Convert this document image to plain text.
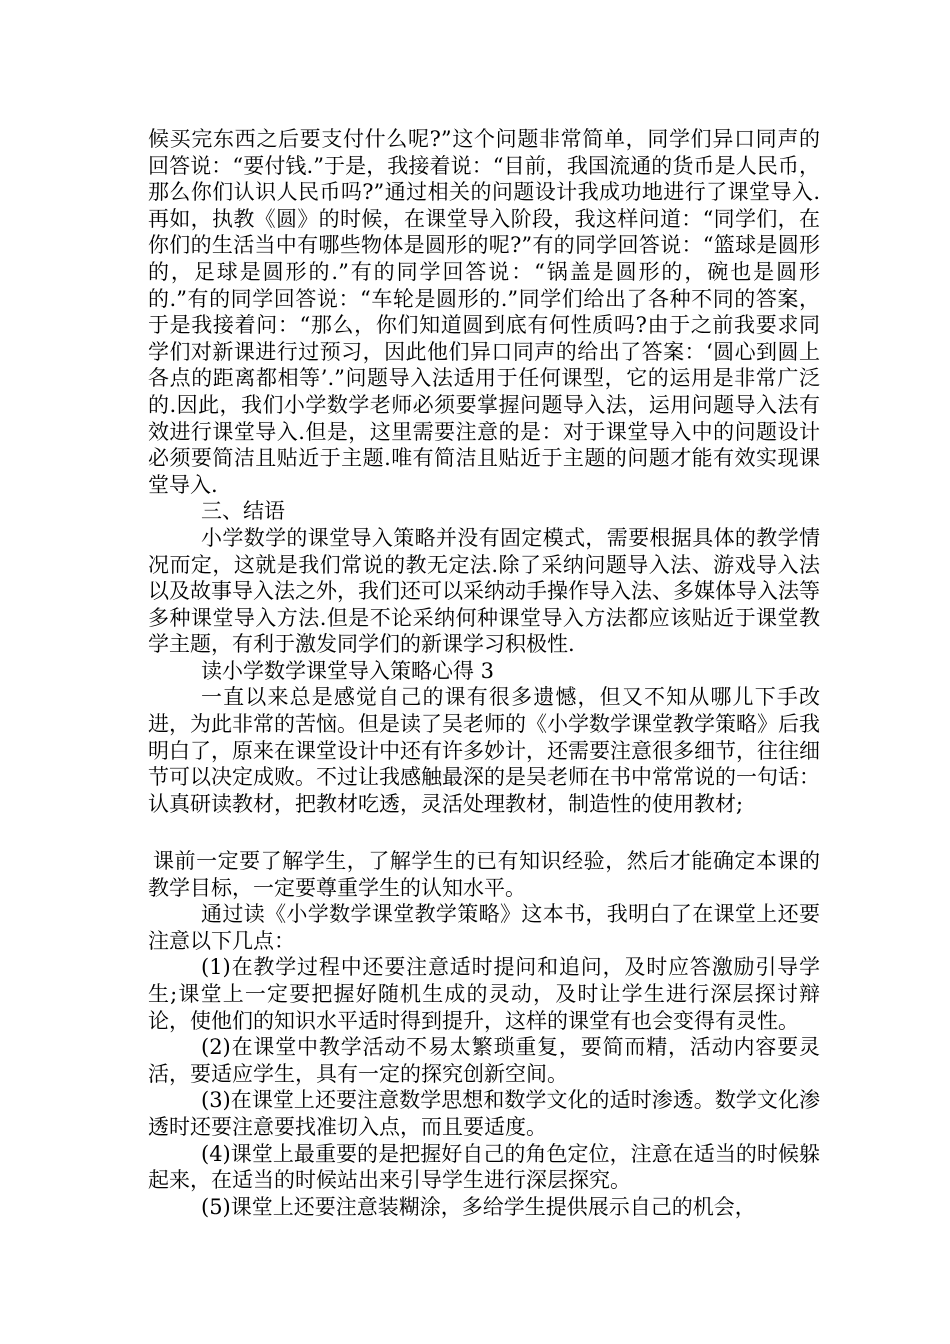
候买完东西之后要支付什么呢?”这个问题非常简单，同学们异口同声的回答说：“要付钱.”于是，我接着说：“目前，我国流通的货币是人民币，那么你们认识人民币吗?”通过相关的问题设计我成功地进行了课堂导入.再如，执教《圆》的时候，在课堂导入阶段，我这样问道：“同学们，在你们的生活当中有哪些物体是圆形的呢?”有的同学回答说：“篮球是圆形的，足球是圆形的.”有的同学回答说：“锅盖是圆形的，碗也是圆形的.”有的同学回答说：“车轮是圆形的.”同学们给出了各种不同的答案，于是我接着问：“那么，你们知道圆到底有何性质吗?由于之前我要求同学们对新课进行过预习，因此他们异口同声的给出了答案：‘圆心到圆上各点的距离都相等’.”问题导入法适用于任何课型，它的运用是非常广泛的.因此，我们小学数学老师必须要掌握问题导入法，运用问题导入法有效进行课堂导入.但是，这里需要注意的是：对于课堂导入中的问题设计必须要简洁且贴近于主题.唯有简洁且贴近于主题的问题才能有效实现课堂导入.

三、结语

小学数学的课堂导入策略并没有固定模式，需要根据具体的教学情况而定，这就是我们常说的教无定法.除了采纳问题导入法、游戏导入法以及故事导入法之外，我们还可以采纳动手操作导入法、多媒体导入法等多种课堂导入方法.但是不论采纳何种课堂导入方法都应该贴近于课堂教学主题，有利于激发同学们的新课学习积极性.

读小学数学课堂导入策略心得 3

一直以来总是感觉自己的课有很多遗憾，但又不知从哪儿下手改进，为此非常的苦恼。但是读了吴老师的《小学数学课堂教学策略》后我明白了，原来在课堂设计中还有许多妙计，还需要注意很多细节，往往细节可以决定成败。不过让我感触最深的是吴老师在书中常常说的一句话：认真研读教材，把教材吃透，灵活处理教材，制造性的使用教材;

课前一定要了解学生，了解学生的已有知识经验，然后才能确定本课的教学目标，一定要尊重学生的认知水平。

通过读《小学数学课堂教学策略》这本书，我明白了在课堂上还要注意以下几点：

(1)在教学过程中还要注意适时提问和追问，及时应答激励引导学生;课堂上一定要把握好随机生成的灵动，及时让学生进行深层探讨辩论，使他们的知识水平适时得到提升，这样的课堂有也会变得有灵性。

(2)在课堂中教学活动不易太繁琐重复，要简而精，活动内容要灵活，要适应学生，具有一定的探究创新空间。

(3)在课堂上还要注意数学思想和数学文化的适时渗透。数学文化渗透时还要注意要找准切入点，而且要适度。

(4)课堂上最重要的是把握好自己的角色定位，注意在适当的时候躲起来，在适当的时候站出来引导学生进行深层探究。

(5)课堂上还要注意装糊涂，多给学生提供展示自己的机会，
